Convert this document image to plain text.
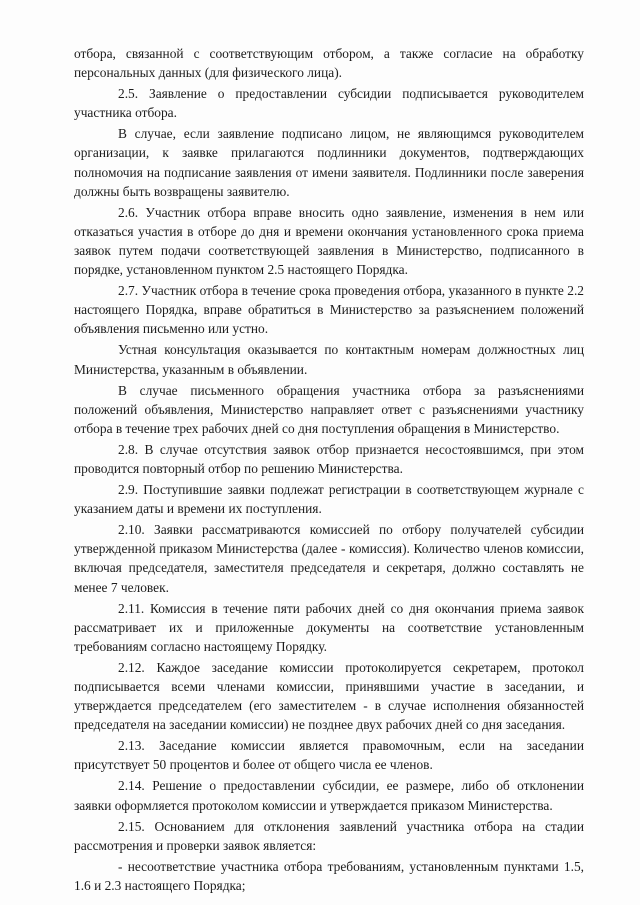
отбора, связанной с соответствующим отбором, а также согласие на обработку персональных данных (для физического лица).

2.5. Заявление о предоставлении субсидии подписывается руководителем участника отбора.

В случае, если заявление подписано лицом, не являющимся руководителем организации, к заявке прилагаются подлинники документов, подтверждающих полномочия на подписание заявления от имени заявителя. Подлинники после заверения должны быть возвращены заявителю.

2.6. Участник отбора вправе вносить одно заявление, изменения в нем или отказаться участия в отборе до дня и времени окончания установленного срока приема заявок путем подачи соответствующей заявления в Министерство, подписанного в порядке, установленном пунктом 2.5 настоящего Порядка.

2.7. Участник отбора в течение срока проведения отбора, указанного в пункте 2.2 настоящего Порядка, вправе обратиться в Министерство за разъяснением положений объявления письменно или устно.

Устная консультация оказывается по контактным номерам должностных лиц Министерства, указанным в объявлении.

В случае письменного обращения участника отбора за разъяснениями положений объявления, Министерство направляет ответ с разъяснениями участнику отбора в течение трех рабочих дней со дня поступления обращения в Министерство.

2.8. В случае отсутствия заявок отбор признается несостоявшимся, при этом проводится повторный отбор по решению Министерства.

2.9. Поступившие заявки подлежат регистрации в соответствующем журнале с указанием даты и времени их поступления.

2.10. Заявки рассматриваются комиссией по отбору получателей субсидии утвержденной приказом Министерства (далее - комиссия). Количество членов комиссии, включая председателя, заместителя председателя и секретаря, должно составлять не менее 7 человек.

2.11. Комиссия в течение пяти рабочих дней со дня окончания приема заявок рассматривает их и приложенные документы на соответствие установленным требованиям согласно настоящему Порядку.

2.12. Каждое заседание комиссии протоколируется секретарем, протокол подписывается всеми членами комиссии, принявшими участие в заседании, и утверждается председателем (его заместителем - в случае исполнения обязанностей председателя на заседании комиссии) не позднее двух рабочих дней со дня заседания.

2.13. Заседание комиссии является правомочным, если на заседании присутствует 50 процентов и более от общего числа ее членов.

2.14. Решение о предоставлении субсидии, ее размере, либо об отклонении заявки оформляется протоколом комиссии и утверждается приказом Министерства.

2.15. Основанием для отклонения заявлений участника отбора на стадии рассмотрения и проверки заявок является:

- несоответствие участника отбора требованиям, установленным пунктами 1.5, 1.6 и 2.3 настоящего Порядка;
